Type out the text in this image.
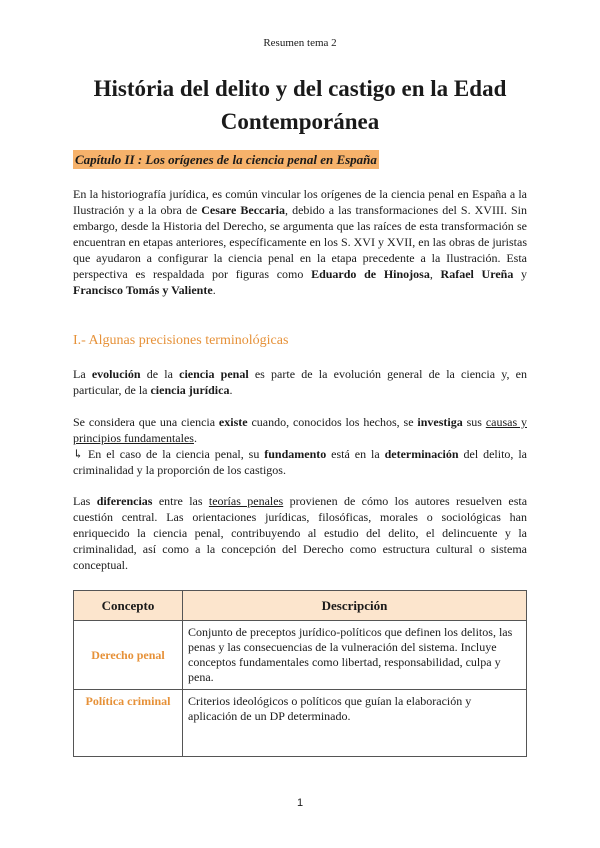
Resumen tema 2
História del delito y del castigo en la Edad Contemporánea
Capítulo II : Los orígenes de la ciencia penal en España
En la historiografía jurídica, es común vincular los orígenes de la ciencia penal en España a la Ilustración y a la obra de Cesare Beccaria, debido a las transformaciones del S. XVIII. Sin embargo, desde la Historia del Derecho, se argumenta que las raíces de esta transformación se encuentran en etapas anteriores, específicamente en los S. XVI y XVII, en las obras de juristas que ayudaron a configurar la ciencia penal en la etapa precedente a la Ilustración. Esta perspectiva es respaldada por figuras como Eduardo de Hinojosa, Rafael Ureña y Francisco Tomás y Valiente.
I.- Algunas precisiones terminológicas
La evolución de la ciencia penal es parte de la evolución general de la ciencia y, en particular, de la ciencia jurídica.
Se considera que una ciencia existe cuando, conocidos los hechos, se investiga sus causas y principios fundamentales.
↳ En el caso de la ciencia penal, su fundamento está en la determinación del delito, la criminalidad y la proporción de los castigos.
Las diferencias entre las teorías penales provienen de cómo los autores resuelven esta cuestión central. Las orientaciones jurídicas, filosóficas, morales o sociológicas han enriquecido la ciencia penal, contribuyendo al estudio del delito, el delincuente y la criminalidad, así como a la concepción del Derecho como estructura cultural o sistema conceptual.
Concepto	Descripción
Derecho penal	Conjunto de preceptos jurídico-políticos que definen los delitos, las penas y las consecuencias de la vulneración del sistema. Incluye conceptos fundamentales como libertad, responsabilidad, culpa y pena.
Política criminal	Criterios ideológicos o políticos que guían la elaboración y aplicación de un DP determinado.
1
